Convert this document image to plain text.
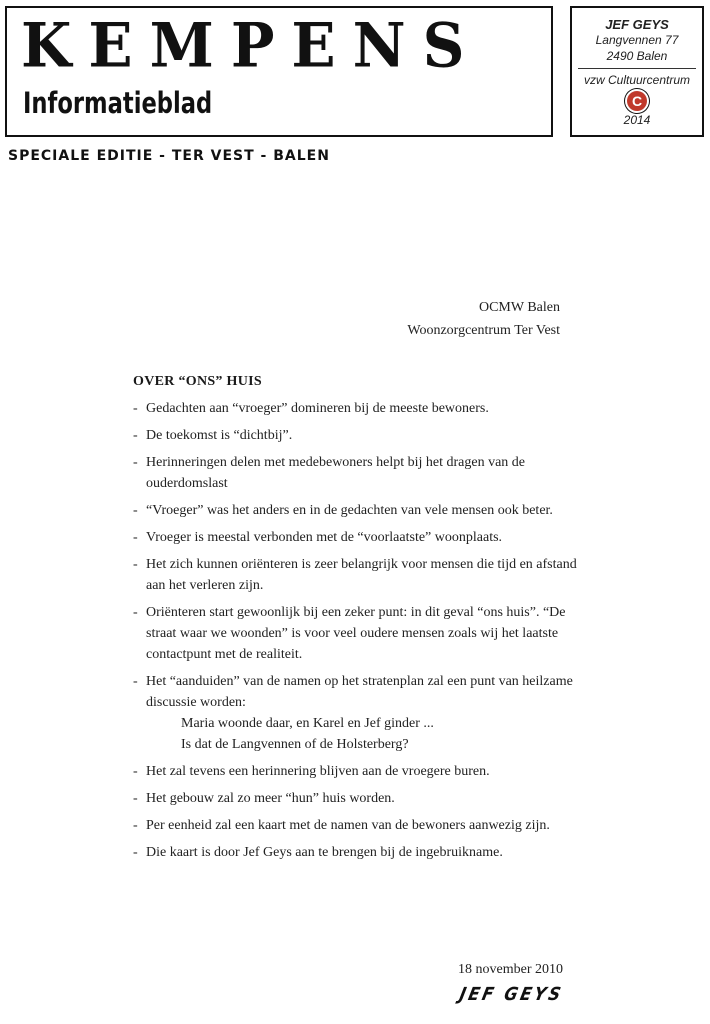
KEMPENS
Informatieblad
JEF GEYS
Langvennen 77
2490 Balen
vzw Cultuurcentrum
C
2014
SPECIALE EDITIE - TER VEST - BALEN
OCMW Balen
Woonzorgcentrum Ter Vest
OVER “ONS” HUIS
- Gedachten aan “vroeger” domineren bij de meeste bewoners.
- De toekomst is “dichtbij”.
- Herinneringen delen met medebewoners helpt bij het dragen van de ouderdomslast
- “Vroeger” was het anders en in de gedachten van vele mensen ook beter.
- Vroeger is meestal verbonden met de “voorlaatste” woonplaats.
- Het zich kunnen oriënteren is zeer belangrijk voor mensen die tijd en afstand aan het verleren zijn.
- Oriënteren start gewoonlijk bij een zeker punt: in dit geval “ons huis”. “De straat waar we woonden” is voor veel oudere mensen zoals wij het laatste contactpunt met de realiteit.
- Het “aanduiden” van de namen op het stratenplan zal een punt van heilzame discussie worden:
Maria woonde daar, en Karel en Jef ginder ...
Is dat de Langvennen of de Holsterberg?
- Het zal tevens een herinnering blijven aan de vroegere buren.
- Het gebouw zal zo meer “hun” huis worden.
- Per eenheid zal een kaart met de namen van de bewoners aanwezig zijn.
- Die kaart is door Jef Geys aan te brengen bij de ingebruikname.
18 november 2010
JEF GEYS
